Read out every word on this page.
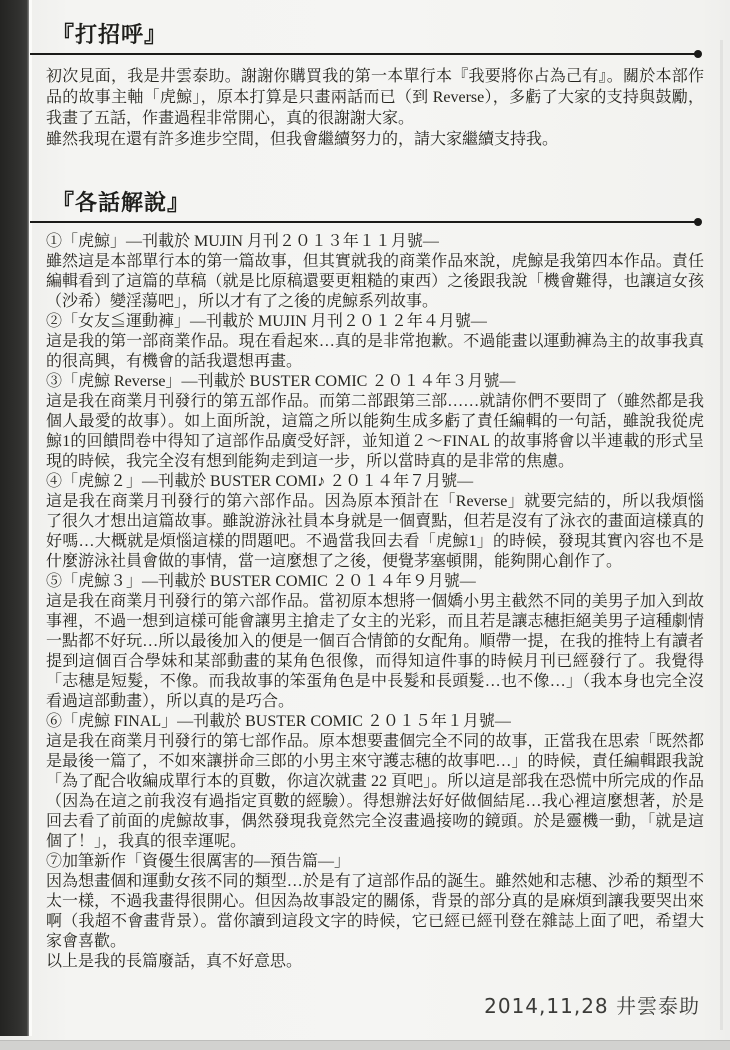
『打招呼』

初次見面，我是井雲泰助。謝謝你購買我的第一本單行本『我要將你占為己有』。關於本部作品的故事主軸「虎鯨」，原本打算是只畫兩話而已（到 Reverse），多虧了大家的支持與鼓勵，我畫了五話，作畫過程非常開心，真的很謝謝大家。

雖然我現在還有許多進步空間，但我會繼續努力的，請大家繼續支持我。

『各話解說』
①「虎鯨」—刊載於 MUJIN 月刊２０１３年１１月號—
雖然這是本部單行本的第一篇故事，但其實就我的商業作品來說，虎鯨是我第四本作品。責任編輯看到了這篇的草稿（就是比原稿還要更粗糙的東西）之後跟我說「機會難得，也讓這女孩（沙希）變淫蕩吧」，所以才有了之後的虎鯨系列故事。
②「女友≦運動褲」—刊載於 MUJIN 月刊２０１２年４月號—
這是我的第一部商業作品。現在看起來…真的是非常抱歉。不過能畫以運動褲為主的故事我真的很高興，有機會的話我還想再畫。
③「虎鯨 Reverse」—刊載於 BUSTER COMIC ２０１４年３月號—
這是我在商業月刊發行的第五部作品。而第二部跟第三部……就請你們不要問了（雖然都是我個人最愛的故事）。如上面所說，這篇之所以能夠生成多虧了責任編輯的一句話，雖說我從虎鯨1的回饋問卷中得知了這部作品廣受好評，並知道２～FINAL 的故事將會以半連載的形式呈現的時候，我完全沒有想到能夠走到這一步，所以當時真的是非常的焦慮。
④「虎鯨２」—刊載於 BUSTER COMI♪ ２０１４年７月號—
這是我在商業月刊發行的第六部作品。因為原本預計在「Reverse」就要完結的，所以我煩惱了很久才想出這篇故事。雖說游泳社員本身就是一個賣點，但若是沒有了泳衣的畫面這樣真的好嗎…大概就是煩惱這樣的問題吧。不過當我回去看「虎鯨1」的時候，發現其實內容也不是什麼游泳社員會做的事情，當一這麼想了之後，便覺茅塞頓開，能夠開心創作了。
⑤「虎鯨３」—刊載於 BUSTER COMIC ２０１４年９月號—
這是我在商業月刊發行的第六部作品。當初原本想將一個嬌小男主截然不同的美男子加入到故事裡，不過一想到這樣可能會讓男主搶走了女主的光彩，而且若是讓志穗拒絕美男子這種劇情一點都不好玩…所以最後加入的便是一個百合情節的女配角。順帶一提，在我的推特上有讀者提到這個百合學妹和某部動畫的某角色很像，而得知這件事的時候月刊已經發行了。我覺得「志穗是短髮，不像。而我故事的笨蛋角色是中長髮和長頭髮…也不像…」（我本身也完全沒看過這部動畫），所以真的是巧合。
⑥「虎鯨 FINAL」—刊載於 BUSTER COMIC ２０１５年１月號—
這是我在商業月刊發行的第七部作品。原本想要畫個完全不同的故事，正當我在思索「既然都是最後一篇了，不如來讓拼命三郎的小男主來守護志穗的故事吧…」的時候，責任編輯跟我說「為了配合收編成單行本的頁數，你這次就畫 22 頁吧」。所以這是部我在恐慌中所完成的作品（因為在這之前我沒有過指定頁數的經驗）。得想辦法好好做個結尾…我心裡這麼想著，於是回去看了前面的虎鯨故事，偶然發現我竟然完全沒畫過接吻的鏡頭。於是靈機一動，「就是這個了！」，我真的很幸運呢。
⑦加筆新作「資優生很厲害的—預告篇—」
因為想畫個和運動女孩不同的類型…於是有了這部作品的誕生。雖然她和志穗、沙希的類型不太一樣，不過我畫得很開心。但因為故事設定的關係，背景的部分真的是麻煩到讓我要哭出來啊（我超不會畫背景）。當你讀到這段文字的時候，它已經已經刊登在雜誌上面了吧，希望大家會喜歡。
以上是我的長篇廢話，真不好意思。
2014,11,28 井雲泰助
